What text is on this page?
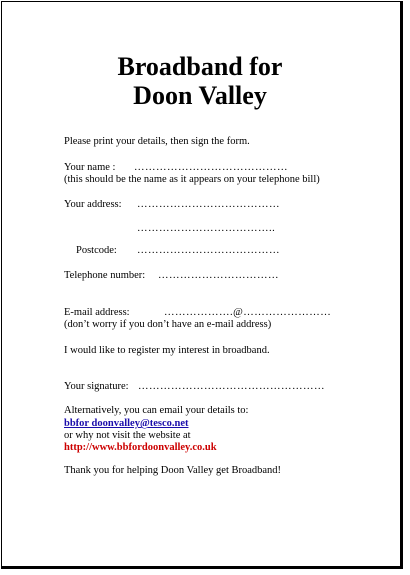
Broadband for
Doon Valley
Please print your details, then sign the form.
Your name : ……………………………………
(this should be the name as it appears on your telephone bill)
Your address: …………………………………
………………………………..
Postcode: …………………………………
Telephone number: ……………………………
E-mail address:	……………….@……………………
(don’t worry if you don’t have an e-mail address)
I would like to register my interest in broadband.
Your signature: ……………………………………………
Alternatively, you can email your details to:
bbfor doonvalley@tesco.net
or why not visit the website at
http://www.bbfordoonvalley.co.uk
Thank you for helping Doon Valley get Broadband!
